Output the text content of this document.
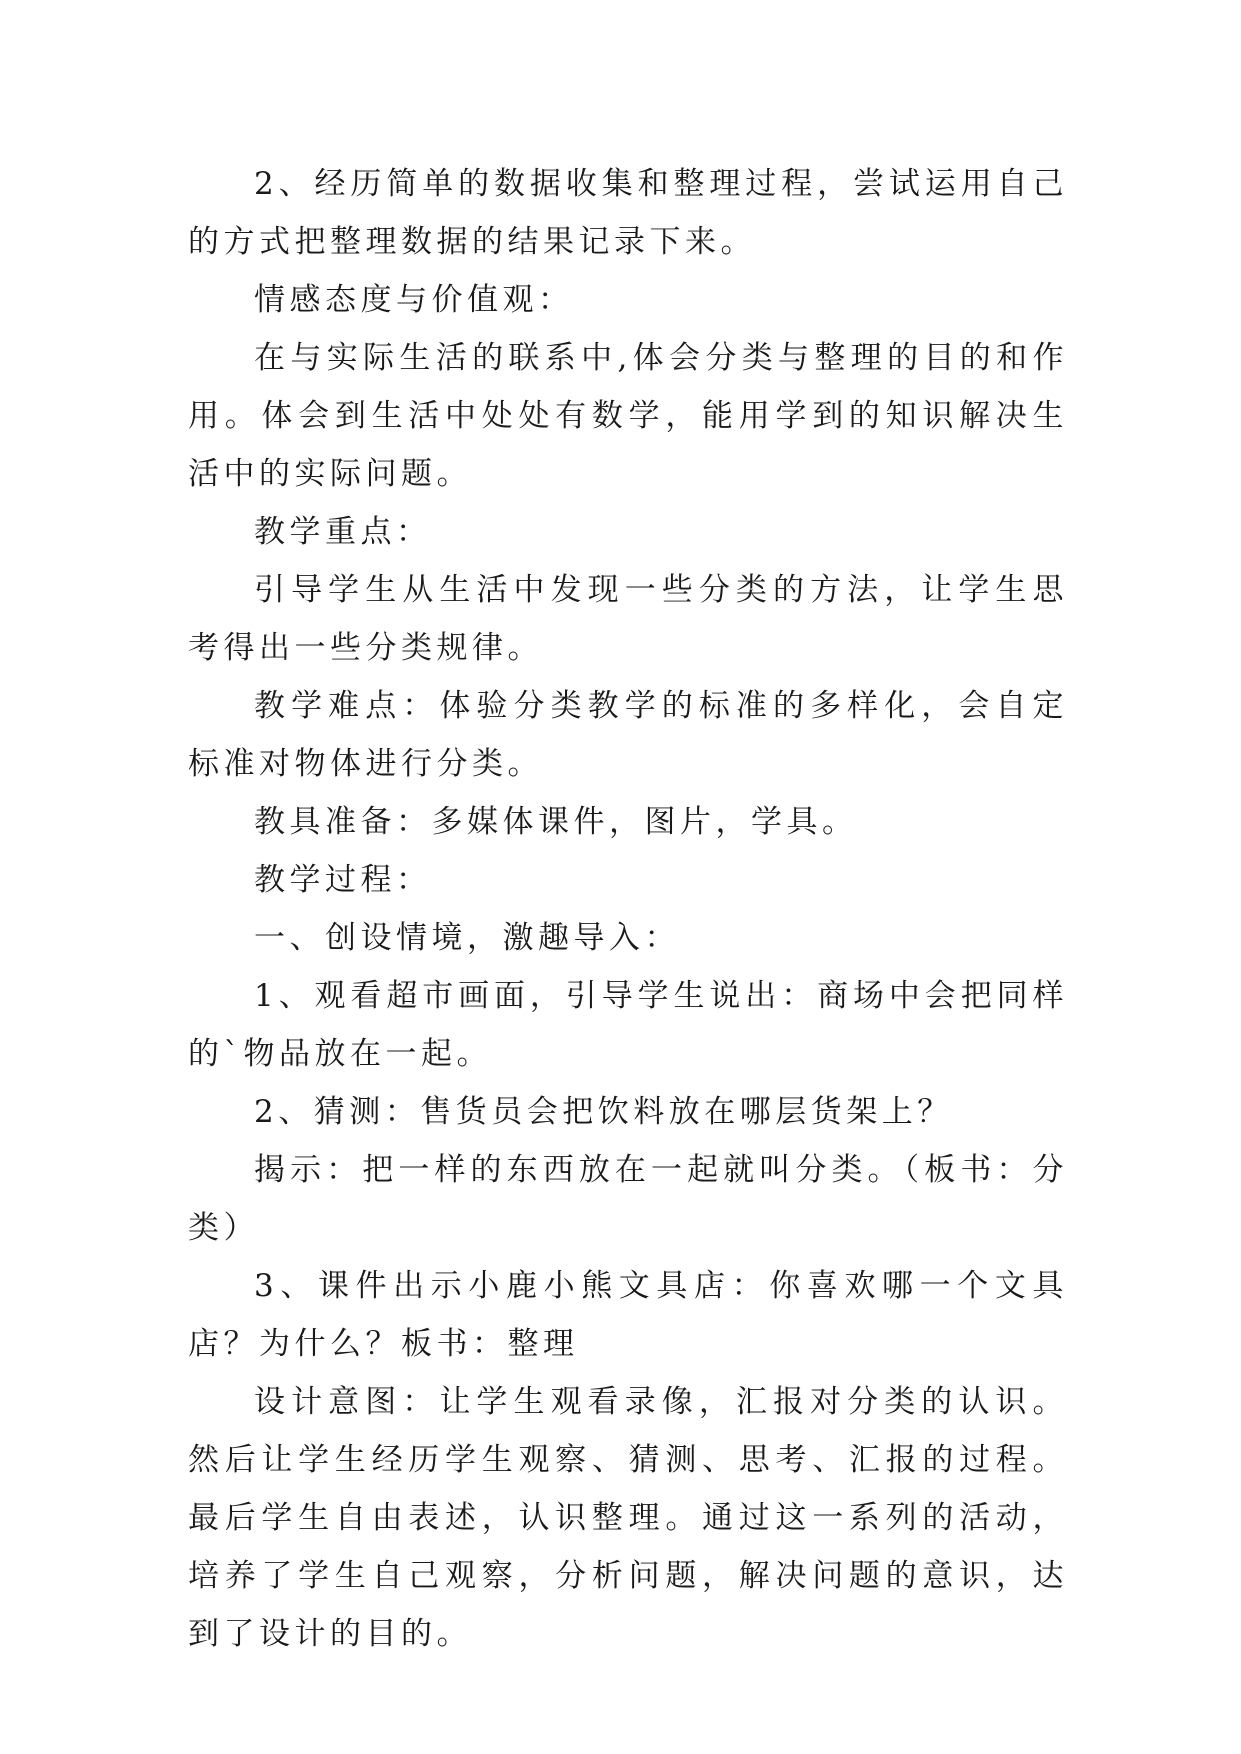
2、经历简单的数据收集和整理过程，尝试运用自己的方式把整理数据的结果记录下来。

情感态度与价值观：

在与实际生活的联系中,体会分类与整理的目的和作用。体会到生活中处处有数学，能用学到的知识解决生活中的实际问题。

教学重点：

引导学生从生活中发现一些分类的方法，让学生思考得出一些分类规律。

教学难点：体验分类教学的标准的多样化，会自定标准对物体进行分类。

教具准备：多媒体课件，图片，学具。

教学过程：

一、创设情境，激趣导入：

1、观看超市画面，引导学生说出：商场中会把同样的`物品放在一起。

2、猜测：售货员会把饮料放在哪层货架上？

揭示：把一样的东西放在一起就叫分类。（板书：分类）

3、课件出示小鹿小熊文具店：你喜欢哪一个文具店？为什么？板书：整理

设计意图：让学生观看录像，汇报对分类的认识。然后让学生经历学生观察、猜测、思考、汇报的过程。最后学生自由表述，认识整理。通过这一系列的活动，培养了学生自己观察，分析问题，解决问题的意识，达到了设计的目的。
